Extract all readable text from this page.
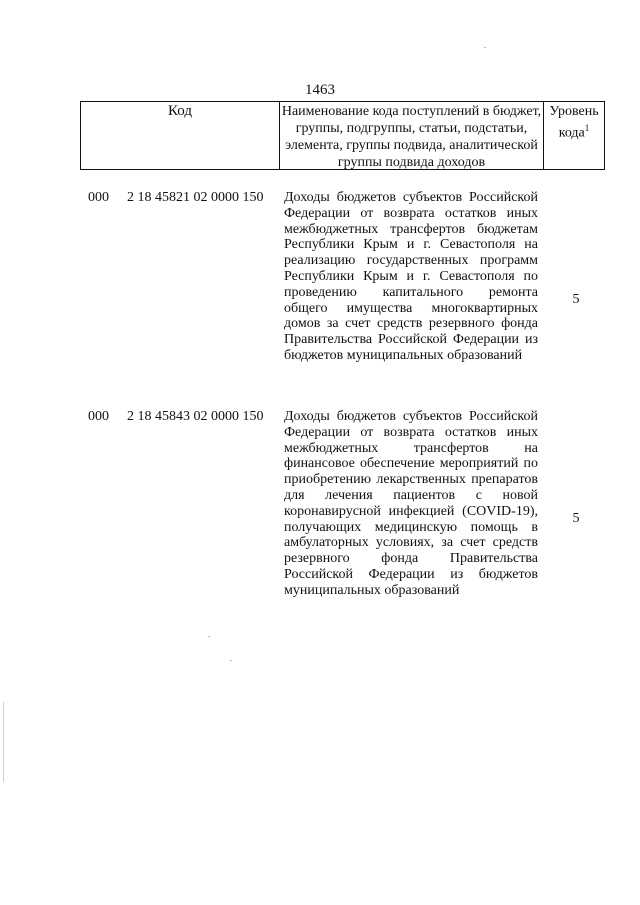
1463
Код	Наименование кода поступлений в бюджет, группы, подгруппы, статьи, подстатьи, элемента, группы подвида, аналитической группы подвида доходов
Уровень кода$^1$
000 2 18 45821 02 0000 150 Доходы бюджетов субъектов Российской Федерации от возврата остатков иных межбюджетных трансфертов бюджетам Республики Крым и г. Севастополя на реализацию государственных программ Республики Крым и г. Севастополя по проведению капитального ремонта общего имущества многоквартирных домов за счет средств резервного фонда Правительства Российской Федерации из бюджетов муниципальных образований
5
000 2 18 45843 02 0000 150 Доходы бюджетов субъектов Российской Федерации от возврата остатков иных межбюджетных трансфертов на финансовое обеспечение мероприятий по приобретению лекарственных препаратов для лечения пациентов с новой коронавирусной инфекцией (COVID-19), получающих медицинскую помощь в амбулаторных условиях, за счет средств резервного фонда Правительства Российской Федерации из бюджетов муниципальных образований
5
